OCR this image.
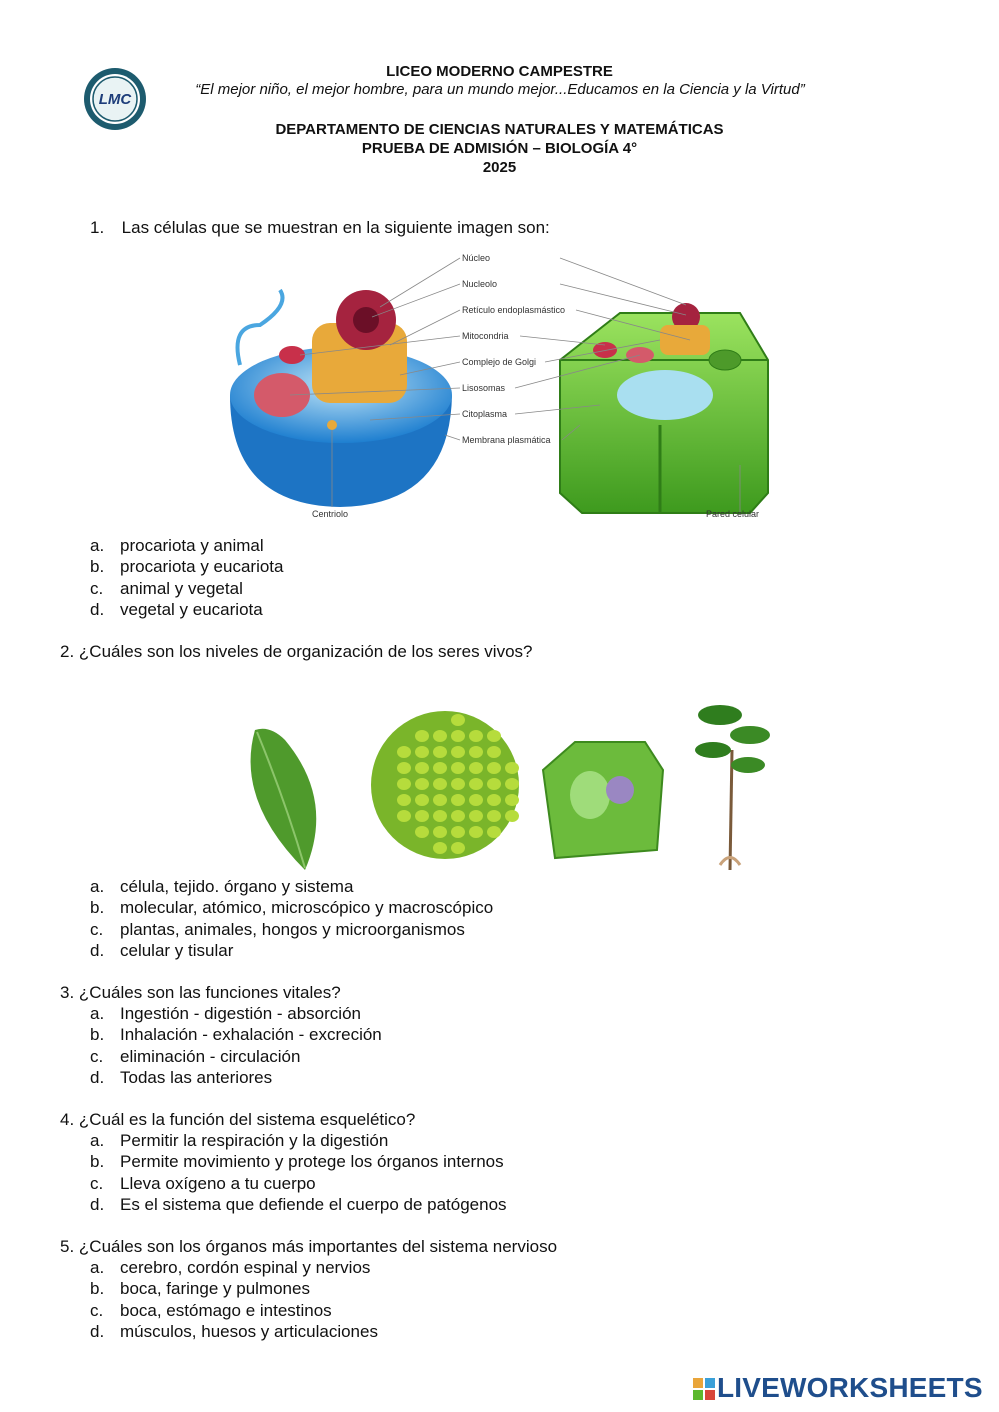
LMC
LICEO MODERNO CAMPESTRE
“El mejor niño, el mejor hombre, para un mundo mejor...Educamos en la Ciencia y la Virtud”
DEPARTAMENTO DE CIENCIAS NATURALES Y MATEMÁTICAS
PRUEBA DE ADMISIÓN – BIOLOGÍA 4°
2025
1. Las células que se muestran en la siguiente imagen son:
Núcleo
Nucleolo
Retículo endoplasmástico
Mitocondria
Complejo de Golgi
Lisosomas
Citoplasma
Membrana plasmática
Centriolo	Pared celular
a. procariota y animal
b. procariota y eucariota
c. animal y vegetal
d. vegetal y eucariota
2. ¿Cuáles son los niveles de organización de los seres vivos?
a. célula, tejido. órgano y sistema
b. molecular, atómico, microscópico y macroscópico
c. plantas, animales, hongos y microorganismos
d. celular y tisular
3. ¿Cuáles son las funciones vitales?
a. Ingestión - digestión - absorción
b. Inhalación - exhalación - excreción
c. eliminación - circulación
d. Todas las anteriores
4. ¿Cuál es la función del sistema esquelético?
a. Permitir la respiración y la digestión
b. Permite movimiento y protege los órganos internos
c. Lleva oxígeno a tu cuerpo
d. Es el sistema que defiende el cuerpo de patógenos
5. ¿Cuáles son los órganos más importantes del sistema nervioso
a. cerebro, cordón espinal y nervios
b. boca, faringe y pulmones
c. boca, estómago e intestinos
d. músculos, huesos y articulaciones
LIVEWORKSHEETS
